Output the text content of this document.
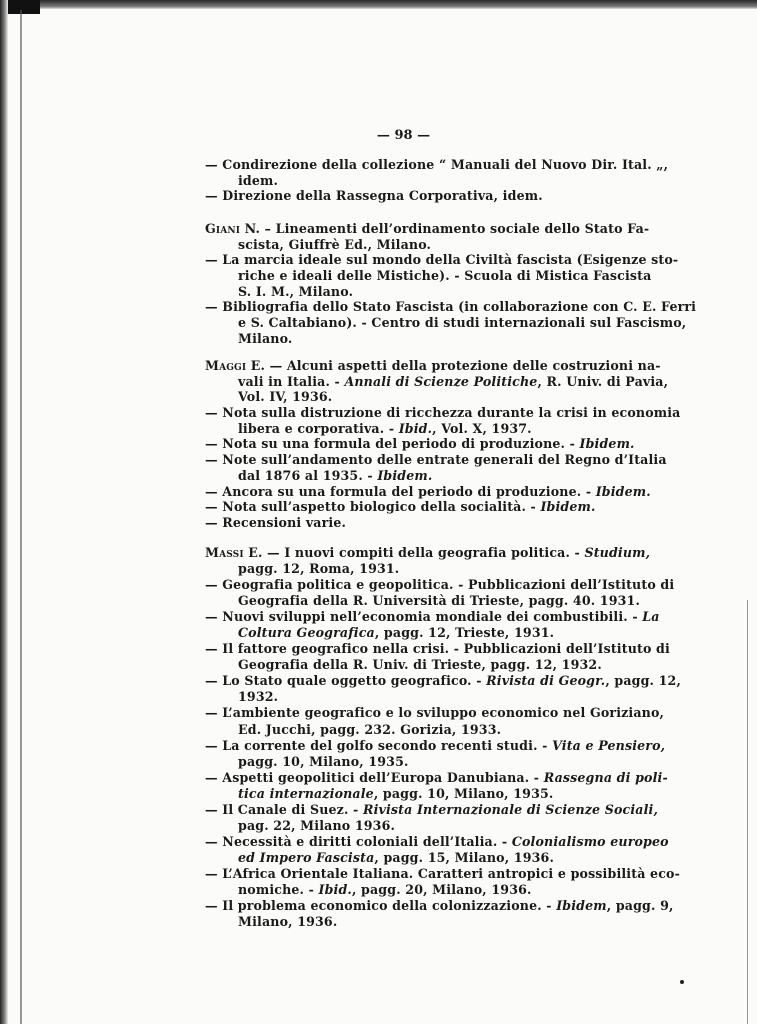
— 98 —
— Condirezione della collezione “ Manuali del Nuovo Dir. Ital. „,
idem.
— Direzione della Rassegna Corporativa, idem.
Giani N. – Lineamenti dell’ordinamento sociale dello Stato Fa-
scista, Giuffrè Ed., Milano.
— La marcia ideale sul mondo della Civiltà fascista (Esigenze sto-
riche e ideali delle Mistiche). - Scuola di Mistica Fascista
S. I. M., Milano.
— Bibliografia dello Stato Fascista (in collaborazione con C. E. Ferri
e S. Caltabiano). - Centro di studi internazionali sul Fascismo,
Milano.
Maggi E. — Alcuni aspetti della protezione delle costruzioni na-
vali in Italia. - Annali di Scienze Politiche, R. Univ. di Pavia,
Vol. IV, 1936.
— Nota sulla distruzione di ricchezza durante la crisi in economia
libera e corporativa. - Ibid., Vol. X, 1937.
— Nota su una formula del periodo di produzione. - Ibidem.
— Note sull’andamento delle entrate generali del Regno d’Italia
dal 1876 al 1935. - Ibidem.
— Ancora su una formula del periodo di produzione. - Ibidem.
— Nota sull’aspetto biologico della socialità. - Ibidem.
— Recensioni varie.
Massi E. — I nuovi compiti della geografia politica. - Studium,
pagg. 12, Roma, 1931.
— Geografia politica e geopolitica. - Pubblicazioni dell’Istituto di
Geografia della R. Università di Trieste, pagg. 40. 1931.
— Nuovi sviluppi nell’economia mondiale dei combustibili. - La
Coltura Geografica, pagg. 12, Trieste, 1931.
— Il fattore geografico nella crisi. - Pubblicazioni dell’Istituto di
Geografia della R. Univ. di Trieste, pagg. 12, 1932.
— Lo Stato quale oggetto geografico. - Rivista di Geogr., pagg. 12,
1932.
— L’ambiente geografico e lo sviluppo economico nel Goriziano,
Ed. Jucchi, pagg. 232. Gorizia, 1933.
— La corrente del golfo secondo recenti studi. - Vita e Pensiero,
pagg. 10, Milano, 1935.
— Aspetti geopolitici dell’Europa Danubiana. - Rassegna di poli-
tica internazionale, pagg. 10, Milano, 1935.
— Il Canale di Suez. - Rivista Internazionale di Scienze Sociali,
pag. 22, Milano 1936.
— Necessità e diritti coloniali dell’Italia. - Colonialismo europeo
ed Impero Fascista, pagg. 15, Milano, 1936.
— L’Africa Orientale Italiana. Caratteri antropici e possibilità eco-
nomiche. - Ibid., pagg. 20, Milano, 1936.
— Il problema economico della colonizzazione. - Ibidem, pagg. 9,
Milano, 1936.
